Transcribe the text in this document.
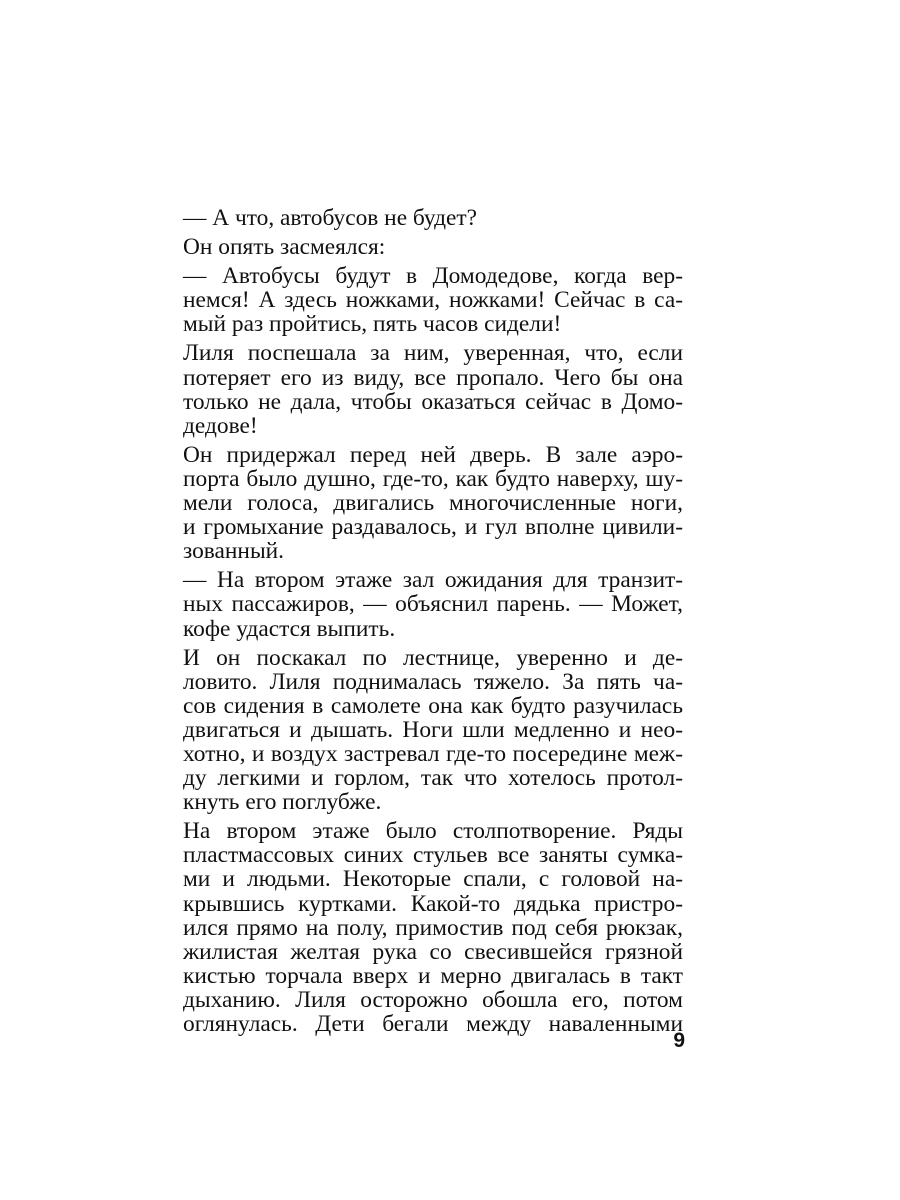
— А что, автобусов не будет?

Он опять засмеялся:

— Автобусы будут в Домодедове, когда вер-
немся! А здесь ножками, ножками! Сейчас в са-
мый раз пройтись, пять часов сидели!

Лиля поспешала за ним, уверенная, что, если
потеряет его из виду, все пропало. Чего бы она
только не дала, чтобы оказаться сейчас в Домо-
дедове!

Он придержал перед ней дверь. В зале аэро-
порта было душно, где-то, как будто наверху, шу-
мели голоса, двигались многочисленные ноги,
и громыхание раздавалось, и гул вполне цивили-
зованный.

— На втором этаже зал ожидания для транзит-
ных пассажиров, — объяснил парень. — Может,
кофе удастся выпить.

И он поскакал по лестнице, уверенно и де-
ловито. Лиля поднималась тяжело. За пять ча-
сов сидения в самолете она как будто разучилась
двигаться и дышать. Ноги шли медленно и нео-
хотно, и воздух застревал где-то посередине меж-
ду легкими и горлом, так что хотелось протол-
кнуть его поглубже.

На втором этаже было столпотворение. Ряды
пластмассовых синих стульев все заняты сумка-
ми и людьми. Некоторые спали, с головой на-
крывшись куртками. Какой-то дядька пристро-
ился прямо на полу, примостив под себя рюкзак,
жилистая желтая рука со свесившейся грязной
кистью торчала вверх и мерно двигалась в такт
дыханию. Лиля осторожно обошла его, потом
оглянулась. Дети бегали между наваленными

9
